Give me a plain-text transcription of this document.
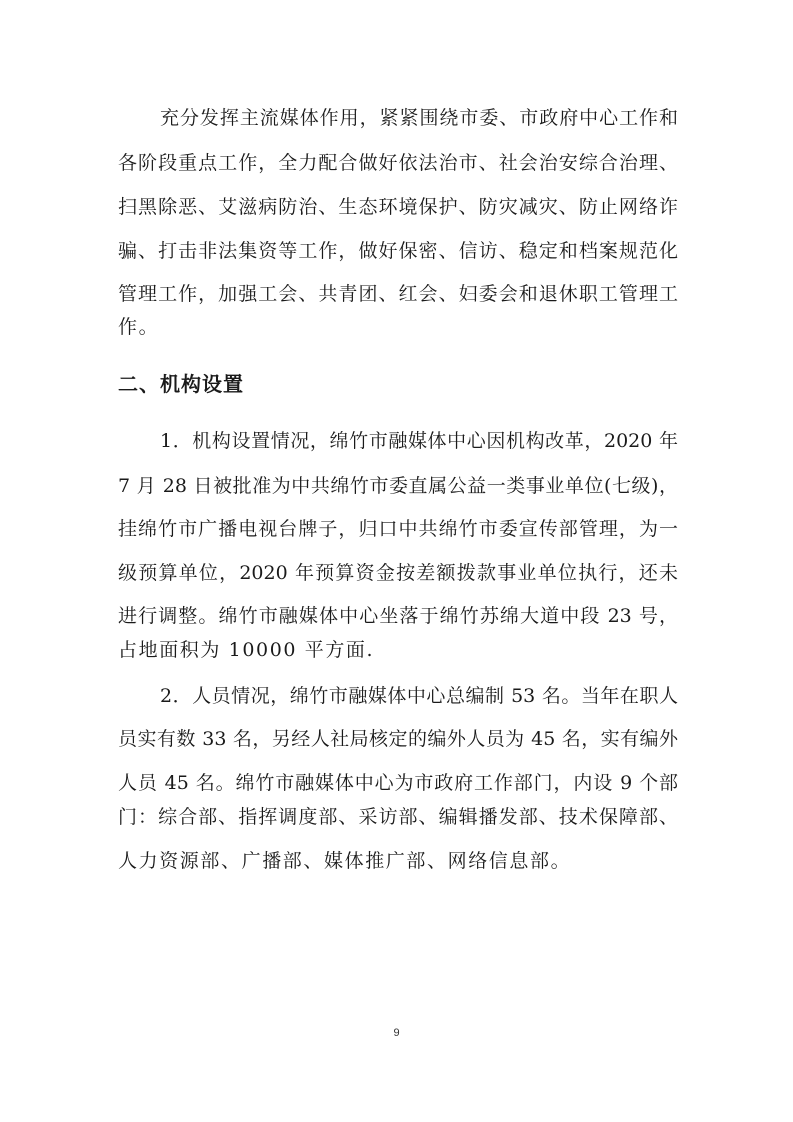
充分发挥主流媒体作用，紧紧围绕市委、市政府中心工作和
各阶段重点工作，全力配合做好依法治市、社会治安综合治理、
扫黑除恶、艾滋病防治、生态环境保护、防灾减灾、防止网络诈
骗、打击非法集资等工作，做好保密、信访、稳定和档案规范化
管理工作，加强工会、共青团、红会、妇委会和退休职工管理工
作。
二、机构设置
1．机构设置情况，绵竹市融媒体中心因机构改革，2020 年
7 月 28 日被批准为中共绵竹市委直属公益一类事业单位(七级)，
挂绵竹市广播电视台牌子，归口中共绵竹市委宣传部管理，为一
级预算单位，2020 年预算资金按差额拨款事业单位执行，还未
进行调整。绵竹市融媒体中心坐落于绵竹苏绵大道中段 23 号，
占地面积为 10000 平方面.
2．人员情况，绵竹市融媒体中心总编制 53 名。当年在职人
员实有数 33 名，另经人社局核定的编外人员为 45 名，实有编外
人员 45 名。绵竹市融媒体中心为市政府工作部门，内设 9 个部
门：综合部、指挥调度部、采访部、编辑播发部、技术保障部、
人力资源部、广播部、媒体推广部、网络信息部。
9
